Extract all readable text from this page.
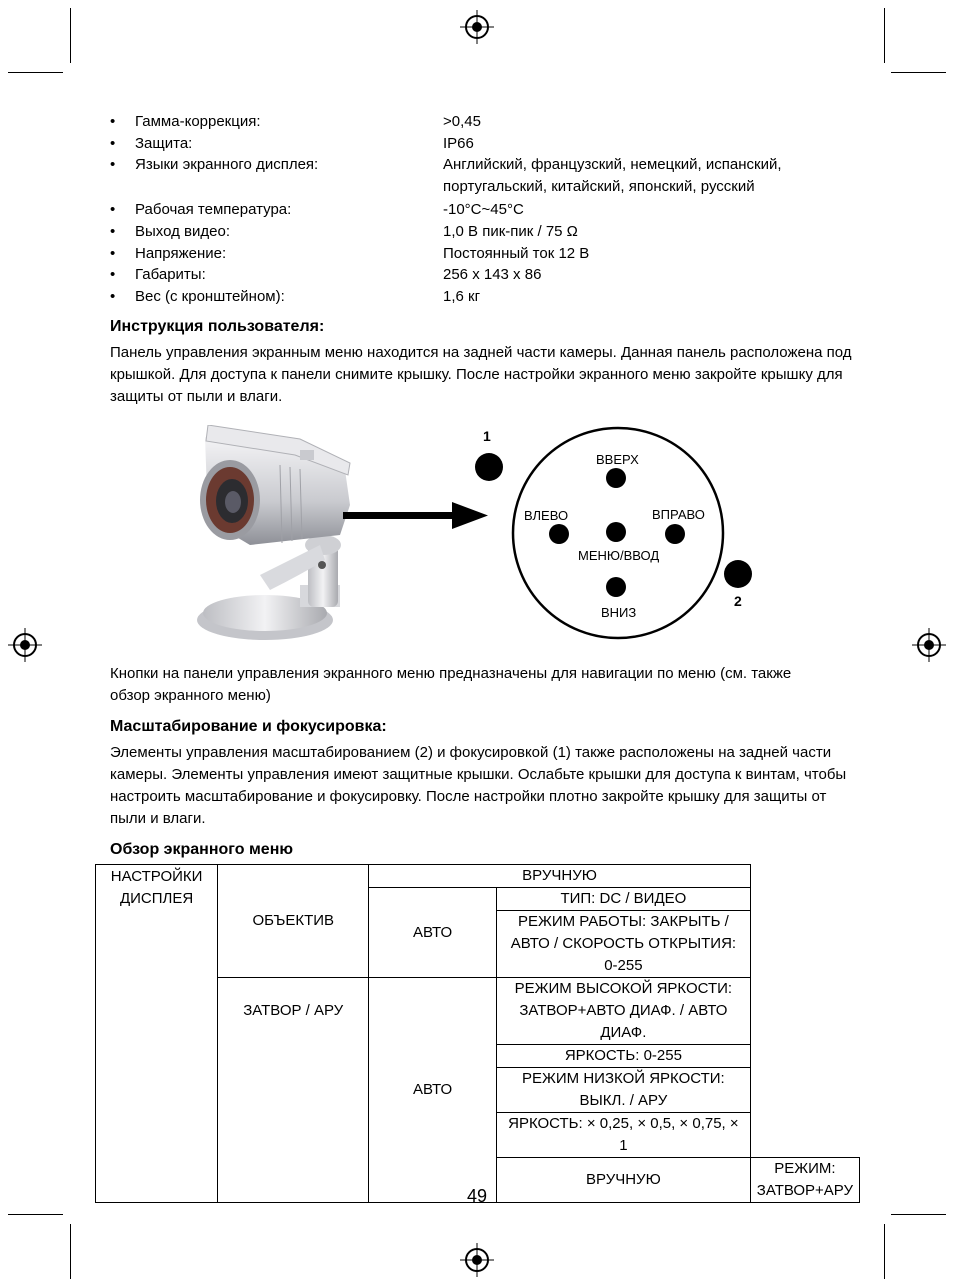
• Гамма-коррекция:	>0,45
• Защита:	IP66
• Языки экранного дисплея:	Английский, французский, немецкий, испанский, португальский, китайский, японский, русский
• Рабочая температура:	-10°C~45°C
• Выход видео:	1,0 В пик-пик / 75 Ω
• Напряжение:	Постоянный ток 12 В
• Габариты:	256 x 143 x 86
• Вес (с кронштейном):	1,6 кг
Инструкция пользователя:
Панель управления экранным меню находится на задней части камеры. Данная панель расположена под крышкой. Для доступа к панели снимите крышку. После настройки экранного меню закройте крышку для защиты от пыли и влаги.
1
2
ВВЕРХ
ВЛЕВО	ВПРАВО
МЕНЮ/ВВОД
ВНИЗ
Кнопки на панели управления экранного меню предназначены для навигации по меню (см. также обзор экранного меню)
Масштабирование и фокусировка:
Элементы управления масштабированием (2) и фокусировкой (1) также расположены на задней части камеры. Элементы управления имеют защитные крышки. Ослабьте крышки для доступа к винтам, чтобы настроить масштабирование и фокусировку. После настройки плотно закройте крышку для защиты от пыли и влаги.
Обзор экранного меню
НАСТРОЙКИ ДИСПЛЕЯ	ОБЪЕКТИВ	ВРУЧНУЮ		
		АВТО	ТИП: DC / ВИДЕО	
			РЕЖИМ РАБОТЫ: ЗАКРЫТЬ / АВТО / СКОРОСТЬ ОТКРЫТИЯ: 0-255	
	ЗАТВОР / АРУ	АВТО	РЕЖИМ ВЫСОКОЙ ЯРКОСТИ: ЗАТВОР+АВТО ДИАФ. / АВТО ДИАФ.	
			ЯРКОСТЬ: 0-255	
			РЕЖИМ НИЗКОЙ ЯРКОСТИ: ВЫКЛ. / АРУ	
			ЯРКОСТЬ: × 0,25, × 0,5, × 0,75, × 1	
			ВРУЧНУЮ	РЕЖИМ: ЗАТВОР+АРУ
49
